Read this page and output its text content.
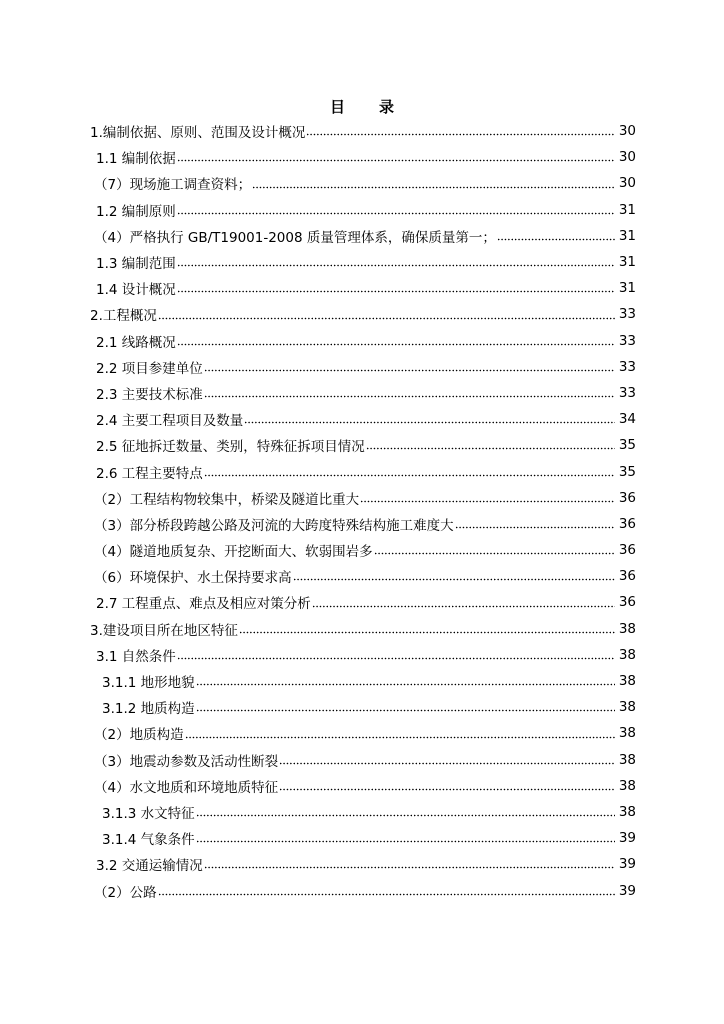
目 录
1.编制依据、原则、范围及设计概况	30
1.1 编制依据	30
（7）现场施工调查资料；	30
1.2 编制原则	31
（4）严格执行 GB/T19001-2008 质量管理体系，确保质量第一；	31
1.3 编制范围	31
1.4 设计概况	31
2.工程概况	33
2.1 线路概况	33
2.2 项目参建单位	33
2.3 主要技术标准	33
2.4 主要工程项目及数量	34
2.5 征地拆迁数量、类别，特殊征拆项目情况	35
2.6 工程主要特点	35
（2）工程结构物较集中，桥梁及隧道比重大	36
（3）部分桥段跨越公路及河流的大跨度特殊结构施工难度大	36
（4）隧道地质复杂、开挖断面大、软弱围岩多	36
（6）环境保护、水土保持要求高	36
2.7 工程重点、难点及相应对策分析	36
3.建设项目所在地区特征	38
3.1 自然条件	38
3.1.1 地形地貌	38
3.1.2 地质构造	38
（2）地质构造	38
（3）地震动参数及活动性断裂	38
（4）水文地质和环境地质特征	38
3.1.3 水文特征	38
3.1.4 气象条件	39
3.2 交通运输情况	39
（2）公路	39
